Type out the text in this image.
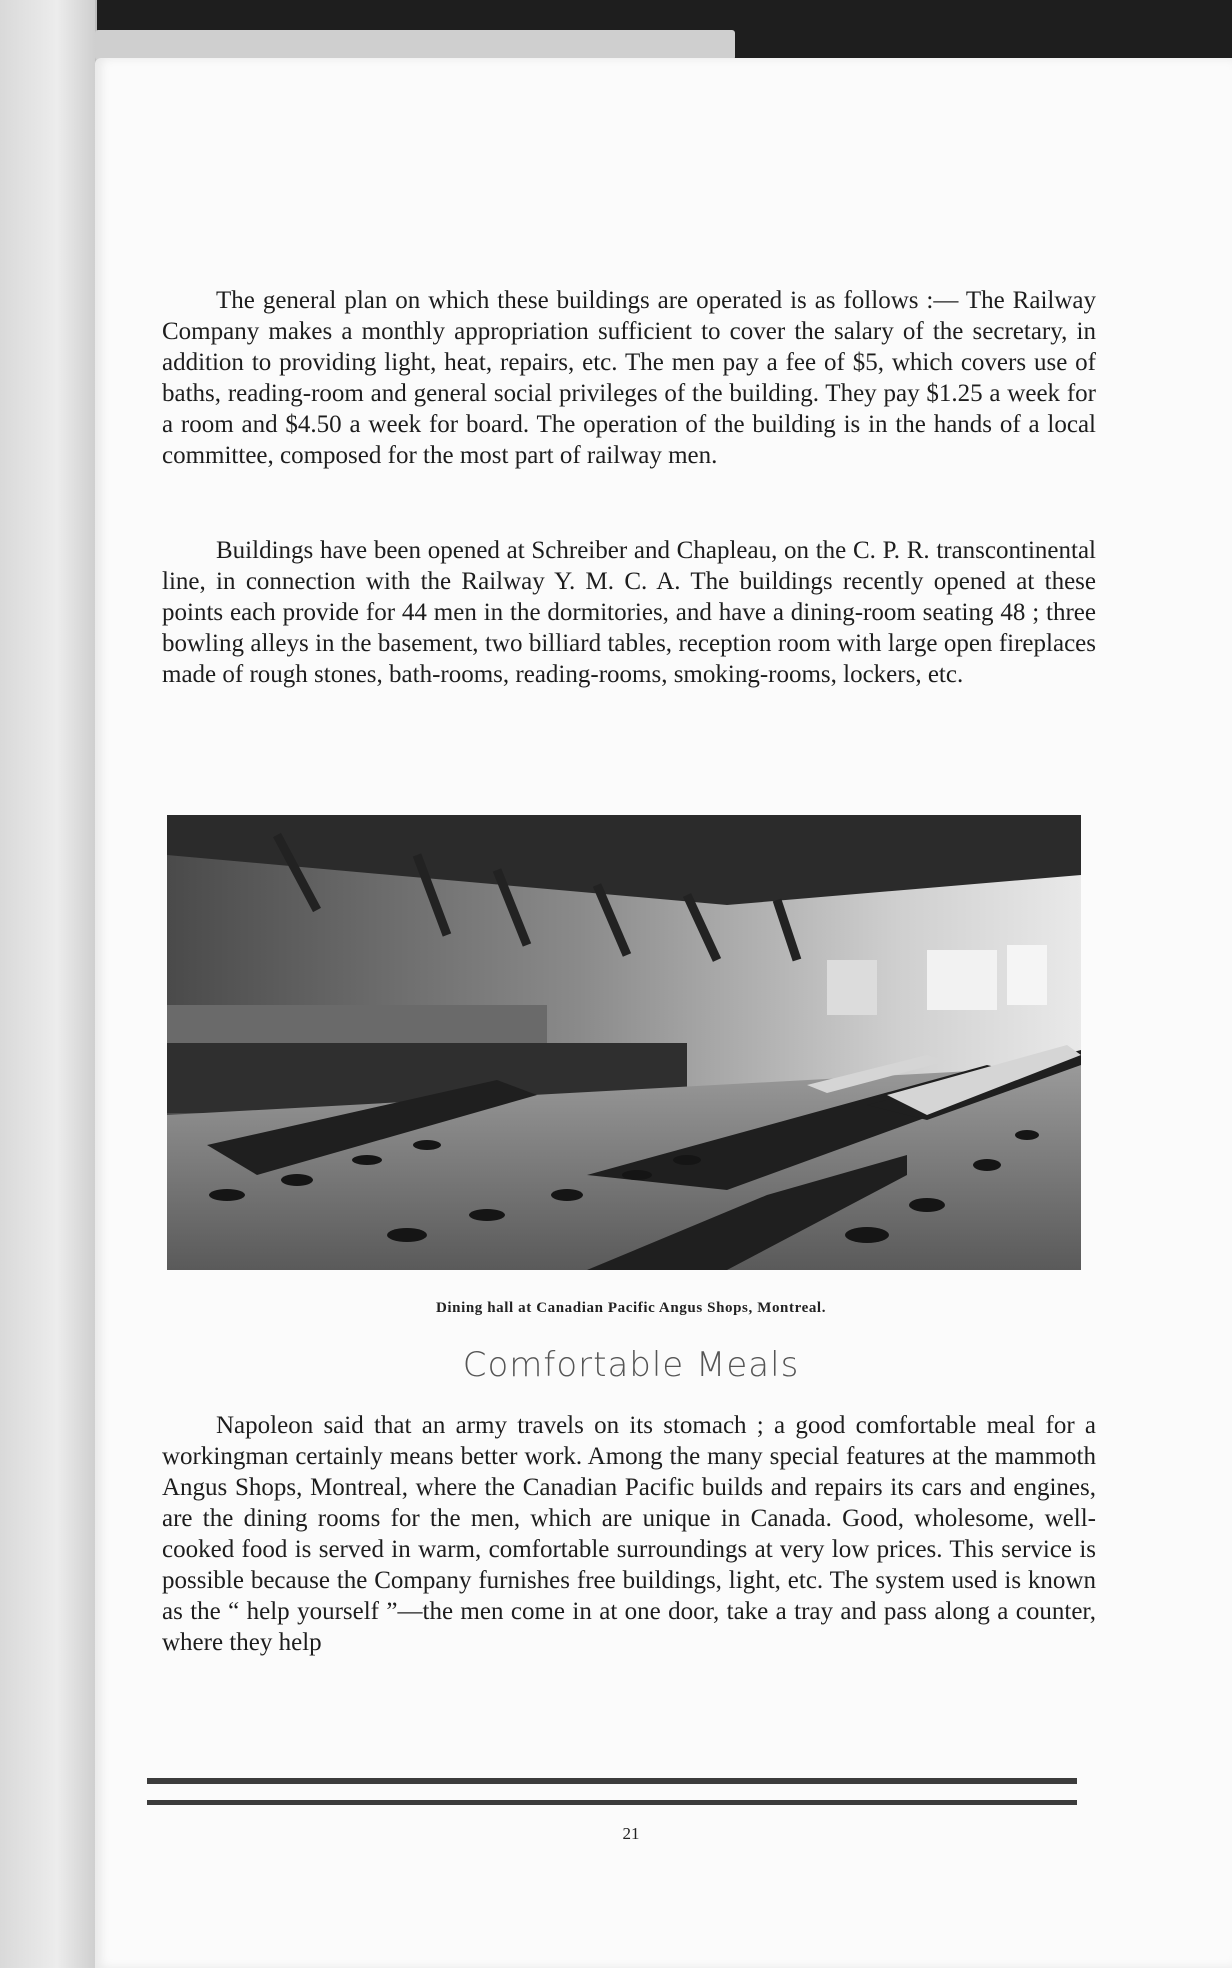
The general plan on which these buildings are operated is as follows :— The Railway Company makes a monthly appropriation sufficient to cover the salary of the secretary, in addition to providing light, heat, repairs, etc. The men pay a fee of $5, which covers use of baths, reading-room and general social privileges of the building. They pay $1.25 a week for a room and $4.50 a week for board. The operation of the building is in the hands of a local committee, composed for the most part of railway men.

Buildings have been opened at Schreiber and Chapleau, on the C. P. R. transcontinental line, in connection with the Railway Y. M. C. A. The buildings recently opened at these points each provide for 44 men in the dormitories, and have a dining-room seating 48 ; three bowling alleys in the basement, two billiard tables, reception room with large open fireplaces made of rough stones, bath-rooms, reading-rooms, smoking-rooms, lockers, etc.

Dining hall at Canadian Pacific Angus Shops, Montreal.
Comfortable Meals

Napoleon said that an army travels on its stomach ; a good comfortable meal for a workingman certainly means better work. Among the many special features at the mammoth Angus Shops, Montreal, where the Canadian Pacific builds and repairs its cars and engines, are the dining rooms for the men, which are unique in Canada. Good, wholesome, well-cooked food is served in warm, comfortable surroundings at very low prices. This service is possible because the Company furnishes free buildings, light, etc. The system used is known as the “ help yourself ”—the men come in at one door, take a tray and pass along a counter, where they help

21
